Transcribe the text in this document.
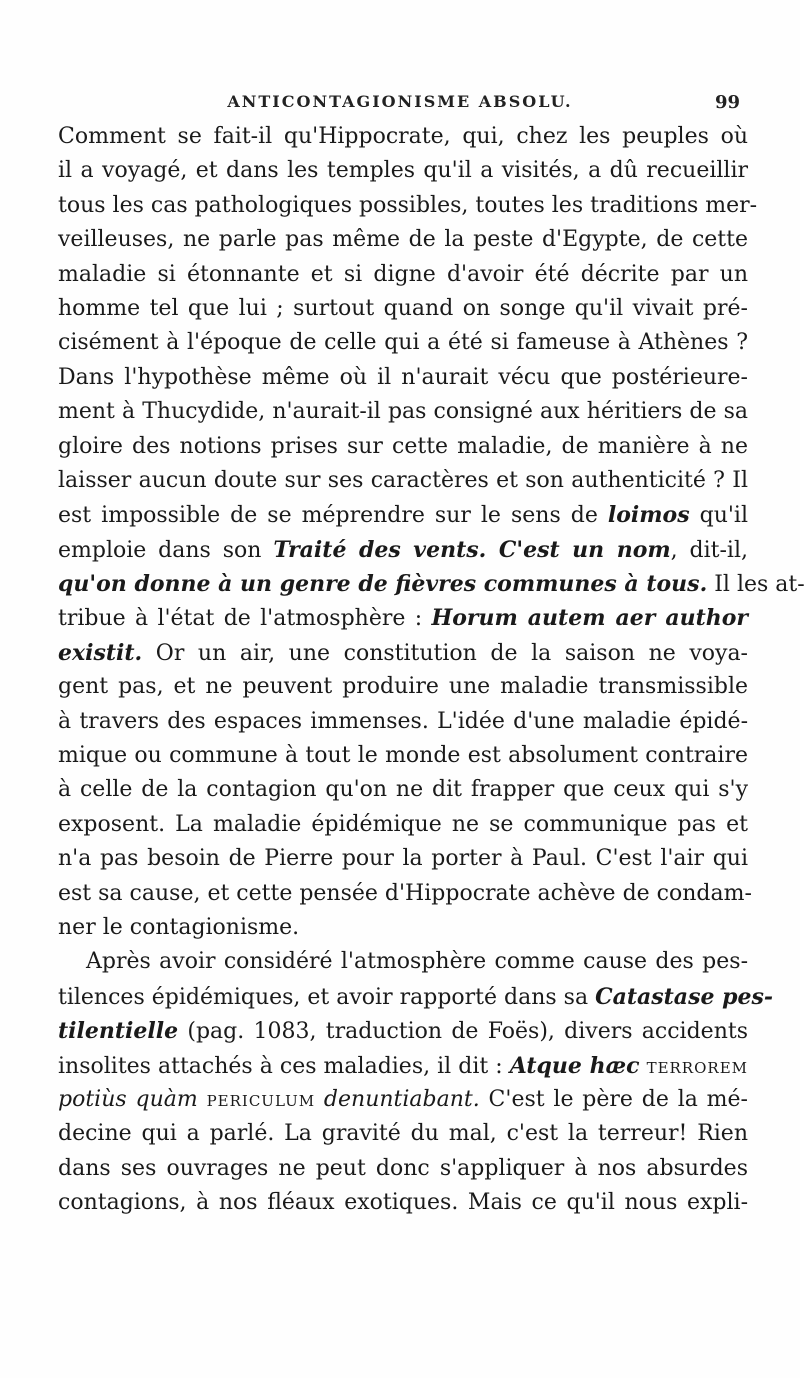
ANTICONTAGIONISME ABSOLU.	99
Comment se fait-il qu'Hippocrate, qui, chez les peuples où
il a voyagé, et dans les temples qu'il a visités, a dû recueillir
tous les cas pathologiques possibles, toutes les traditions mer-
veilleuses, ne parle pas même de la peste d'Egypte, de cette
maladie si étonnante et si digne d'avoir été décrite par un
homme tel que lui ; surtout quand on songe qu'il vivait pré-
cisément à l'époque de celle qui a été si fameuse à Athènes ?
Dans l'hypothèse même où il n'aurait vécu que postérieure-
ment à Thucydide, n'aurait-il pas consigné aux héritiers de sa
gloire des notions prises sur cette maladie, de manière à ne
laisser aucun doute sur ses caractères et son authenticité ? Il
est impossible de se méprendre sur le sens de loimos qu'il
emploie dans son Traité des vents. C'est un nom, dit-il,
qu'on donne à un genre de fièvres communes à tous. Il les at-
tribue à l'état de l'atmosphère : Horum autem aer author
existit. Or un air, une constitution de la saison ne voya-
gent pas, et ne peuvent produire une maladie transmissible
à travers des espaces immenses. L'idée d'une maladie épidé-
mique ou commune à tout le monde est absolument contraire
à celle de la contagion qu'on ne dit frapper que ceux qui s'y
exposent. La maladie épidémique ne se communique pas et
n'a pas besoin de Pierre pour la porter à Paul. C'est l'air qui
est sa cause, et cette pensée d'Hippocrate achève de condam-
ner le contagionisme.
Après avoir considéré l'atmosphère comme cause des pes-
tilences épidémiques, et avoir rapporté dans sa Catastase pes-
tilentielle (pag. 1083, traduction de Foës), divers accidents
insolites attachés à ces maladies, il dit : Atque hæc terrorem
potiùs quàm periculum denuntiabant. C'est le père de la mé-
decine qui a parlé. La gravité du mal, c'est la terreur! Rien
dans ses ouvrages ne peut donc s'appliquer à nos absurdes
contagions, à nos fléaux exotiques. Mais ce qu'il nous expli-
